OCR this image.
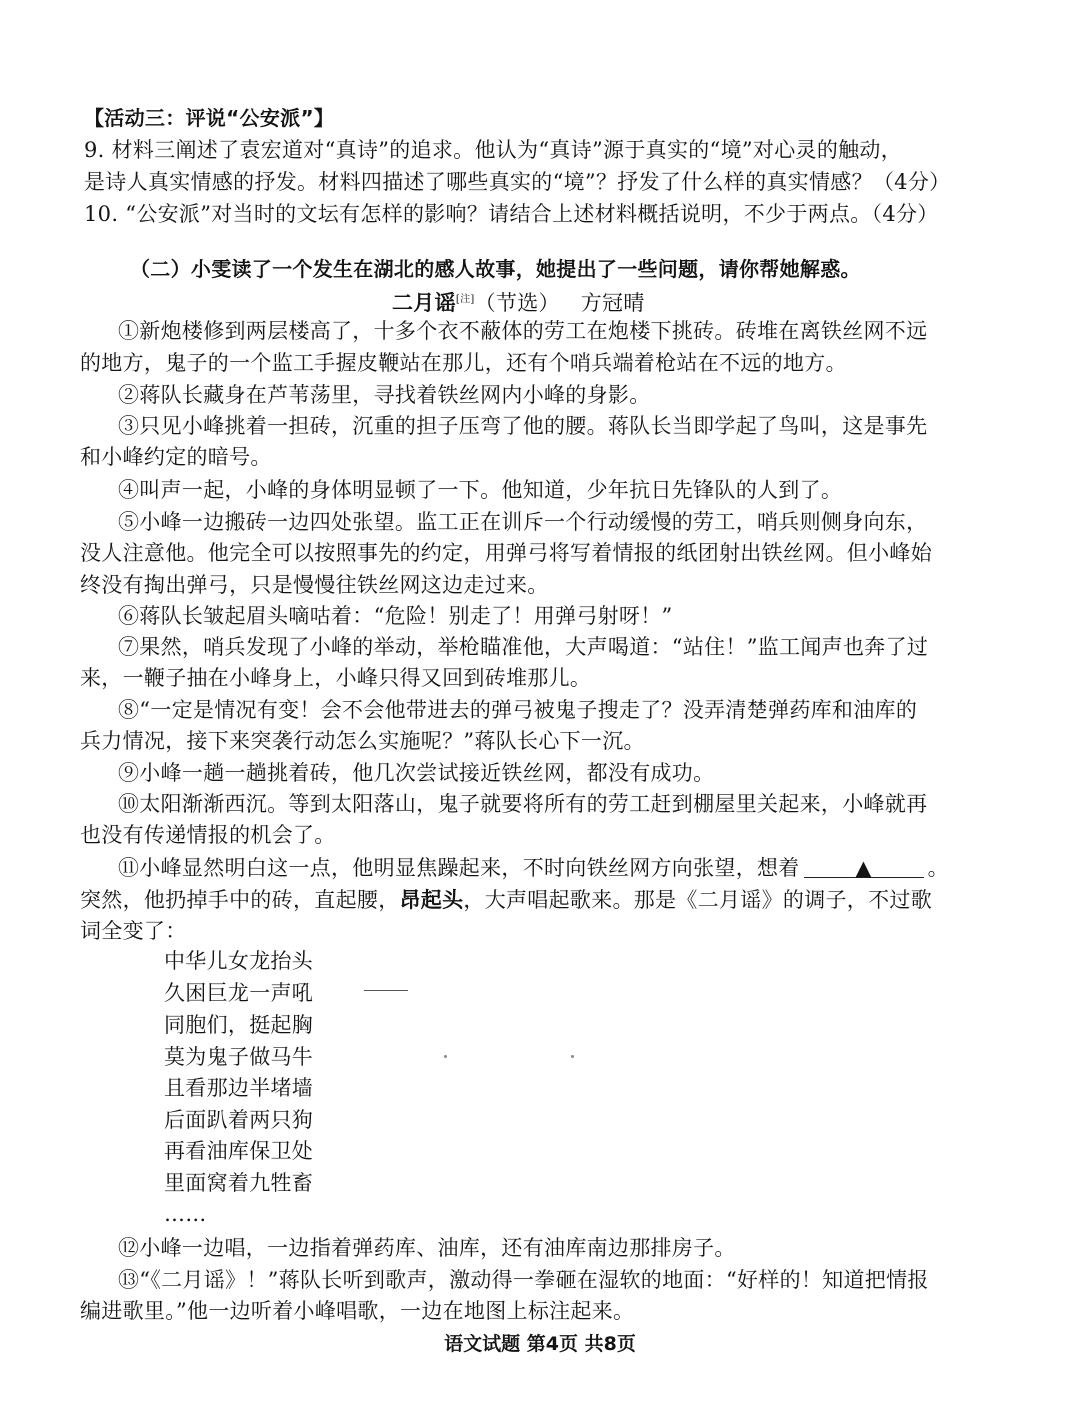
【活动三：评说“公安派”】
9. 材料三阐述了袁宏道对“真诗”的追求。他认为“真诗”源于真实的“境”对心灵的触动，
是诗人真实情感的抒发。材料四描述了哪些真实的“境”？抒发了什么样的真实情感？（4分）
10. “公安派”对当时的文坛有怎样的影响？请结合上述材料概括说明，不少于两点。（4分）
（二）小雯读了一个发生在湖北的感人故事，她提出了一些问题，请你帮她解惑。
二月谣[注]（节选） 方冠晴
①新炮楼修到两层楼高了，十多个衣不蔽体的劳工在炮楼下挑砖。砖堆在离铁丝网不远
的地方，鬼子的一个监工手握皮鞭站在那儿，还有个哨兵端着枪站在不远的地方。
②蒋队长藏身在芦苇荡里，寻找着铁丝网内小峰的身影。
③只见小峰挑着一担砖，沉重的担子压弯了他的腰。蒋队长当即学起了鸟叫，这是事先
和小峰约定的暗号。
④叫声一起，小峰的身体明显顿了一下。他知道，少年抗日先锋队的人到了。
⑤小峰一边搬砖一边四处张望。监工正在训斥一个行动缓慢的劳工，哨兵则侧身向东，
没人注意他。他完全可以按照事先的约定，用弹弓将写着情报的纸团射出铁丝网。但小峰始
终没有掏出弹弓，只是慢慢往铁丝网这边走过来。
⑥蒋队长皱起眉头嘀咕着：“危险！别走了！用弹弓射呀！”
⑦果然，哨兵发现了小峰的举动，举枪瞄准他，大声喝道：“站住！”监工闻声也奔了过
来，一鞭子抽在小峰身上，小峰只得又回到砖堆那儿。
⑧“一定是情况有变！会不会他带进去的弹弓被鬼子搜走了？没弄清楚弹药库和油库的
兵力情况，接下来突袭行动怎么实施呢？”蒋队长心下一沉。
⑨小峰一趟一趟挑着砖，他几次尝试接近铁丝网，都没有成功。
⑩太阳渐渐西沉。等到太阳落山，鬼子就要将所有的劳工赶到棚屋里关起来，小峰就再
也没有传递情报的机会了。
⑪小峰显然明白这一点，他明显焦躁起来，不时向铁丝网方向张望，想着	▲	。
突然，他扔掉手中的砖，直起腰，昂起头，大声唱起歌来。那是《二月谣》的调子，不过歌
词全变了：
中华儿女龙抬头
久困巨龙一声吼
同胞们，挺起胸
莫为鬼子做马牛
且看那边半堵墙
后面趴着两只狗
再看油库保卫处
里面窝着九牲畜
……
⑫小峰一边唱，一边指着弹药库、油库，还有油库南边那排房子。
⑬“《二月谣》！”蒋队长听到歌声，激动得一拳砸在湿软的地面：“好样的！知道把情报
编进歌里。”他一边听着小峰唱歌，一边在地图上标注起来。
语文试题 第4页 共8页
